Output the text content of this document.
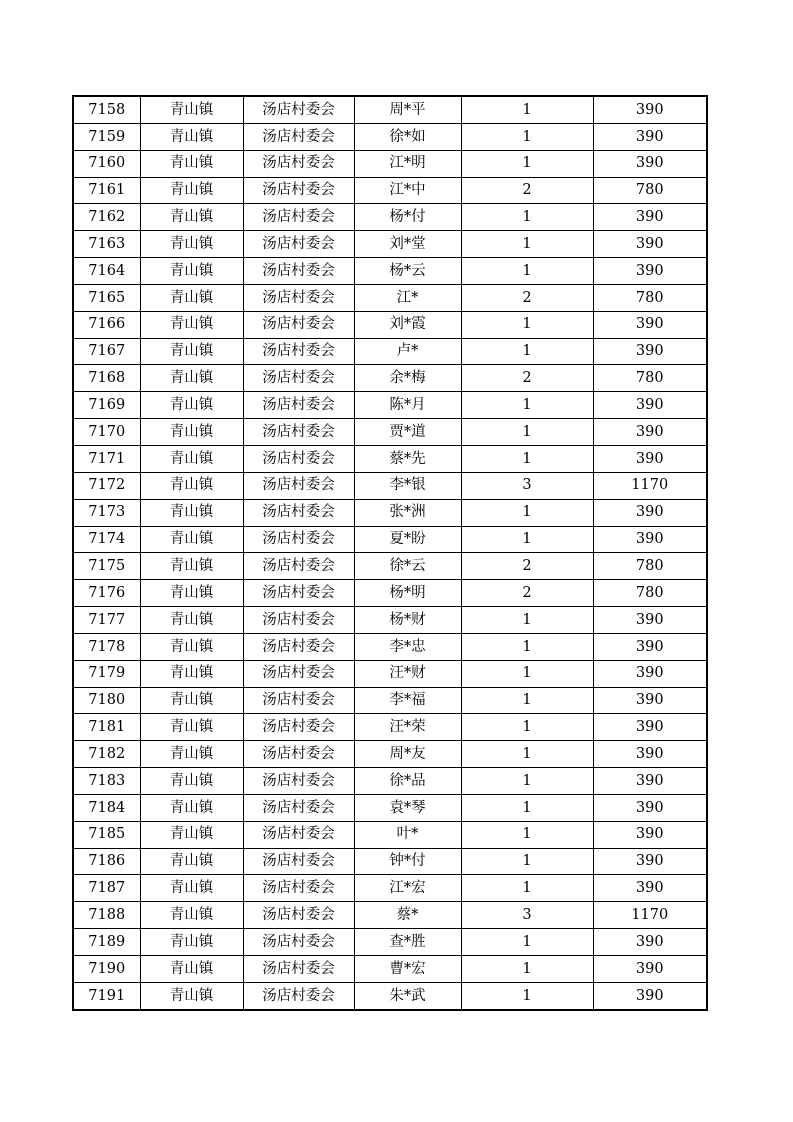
7158	青山镇	汤店村委会	周*平	1	390
7159	青山镇	汤店村委会	徐*如	1	390
7160	青山镇	汤店村委会	江*明	1	390
7161	青山镇	汤店村委会	江*中	2	780
7162	青山镇	汤店村委会	杨*付	1	390
7163	青山镇	汤店村委会	刘*堂	1	390
7164	青山镇	汤店村委会	杨*云	1	390
7165	青山镇	汤店村委会	江*	2	780
7166	青山镇	汤店村委会	刘*霞	1	390
7167	青山镇	汤店村委会	卢*	1	390
7168	青山镇	汤店村委会	余*梅	2	780
7169	青山镇	汤店村委会	陈*月	1	390
7170	青山镇	汤店村委会	贾*道	1	390
7171	青山镇	汤店村委会	蔡*先	1	390
7172	青山镇	汤店村委会	李*银	3	1170
7173	青山镇	汤店村委会	张*洲	1	390
7174	青山镇	汤店村委会	夏*盼	1	390
7175	青山镇	汤店村委会	徐*云	2	780
7176	青山镇	汤店村委会	杨*明	2	780
7177	青山镇	汤店村委会	杨*财	1	390
7178	青山镇	汤店村委会	李*忠	1	390
7179	青山镇	汤店村委会	汪*财	1	390
7180	青山镇	汤店村委会	李*福	1	390
7181	青山镇	汤店村委会	汪*荣	1	390
7182	青山镇	汤店村委会	周*友	1	390
7183	青山镇	汤店村委会	徐*品	1	390
7184	青山镇	汤店村委会	袁*琴	1	390
7185	青山镇	汤店村委会	叶*	1	390
7186	青山镇	汤店村委会	钟*付	1	390
7187	青山镇	汤店村委会	江*宏	1	390
7188	青山镇	汤店村委会	蔡*	3	1170
7189	青山镇	汤店村委会	查*胜	1	390
7190	青山镇	汤店村委会	曹*宏	1	390
7191	青山镇	汤店村委会	朱*武	1	390
